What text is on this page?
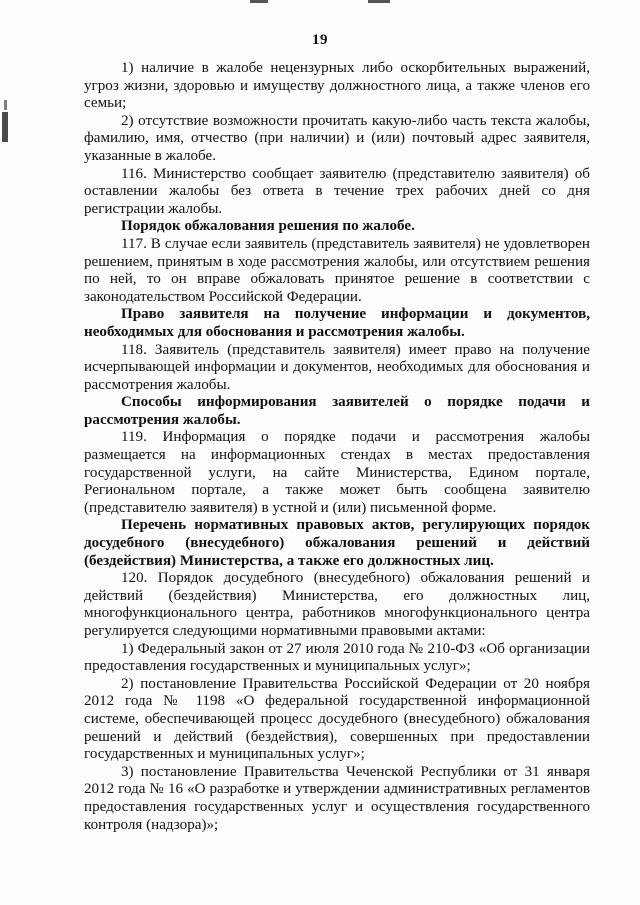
19

1) наличие в жалобе нецензурных либо оскорбительных выражений, угроз жизни, здоровью и имуществу должностного лица, а также членов его семьи;

2) отсутствие возможности прочитать какую-либо часть текста жалобы, фамилию, имя, отчество (при наличии) и (или) почтовый адрес заявителя, указанные в жалобе.

116. Министерство сообщает заявителю (представителю заявителя) об оставлении жалобы без ответа в течение трех рабочих дней со дня регистрации жалобы.

Порядок обжалования решения по жалобе.

117. В случае если заявитель (представитель заявителя) не удовлетворен решением, принятым в ходе рассмотрения жалобы, или отсутствием решения по ней, то он вправе обжаловать принятое решение в соответствии с законодательством Российской Федерации.

Право заявителя на получение информации и документов, необходимых для обоснования и рассмотрения жалобы.

118. Заявитель (представитель заявителя) имеет право на получение исчерпывающей информации и документов, необходимых для обоснования и рассмотрения жалобы.

Способы информирования заявителей о порядке подачи и рассмотрения жалобы.

119. Информация о порядке подачи и рассмотрения жалобы размещается на информационных стендах в местах предоставления государственной услуги, на сайте Министерства, Едином портале, Региональном портале, а также может быть сообщена заявителю (представителю заявителя) в устной и (или) письменной форме.

Перечень нормативных правовых актов, регулирующих порядок досудебного (внесудебного) обжалования решений и действий (бездействия) Министерства, а также его должностных лиц.

120. Порядок досудебного (внесудебного) обжалования решений и действий (бездействия) Министерства, его должностных лиц, многофункционального центра, работников многофункционального центра регулируется следующими нормативными правовыми актами:

1) Федеральный закон от 27 июля 2010 года № 210-ФЗ «Об организации предоставления государственных и муниципальных услуг»;

2) постановление Правительства Российской Федерации от 20 ноября 2012 года № 1198 «О федеральной государственной информационной системе, обеспечивающей процесс досудебного (внесудебного) обжалования решений и действий (бездействия), совершенных при предоставлении государственных и муниципальных услуг»;

3) постановление Правительства Чеченской Республики от 31 января 2012 года № 16 «О разработке и утверждении административных регламентов предоставления государственных услуг и осуществления государственного контроля (надзора)»;
